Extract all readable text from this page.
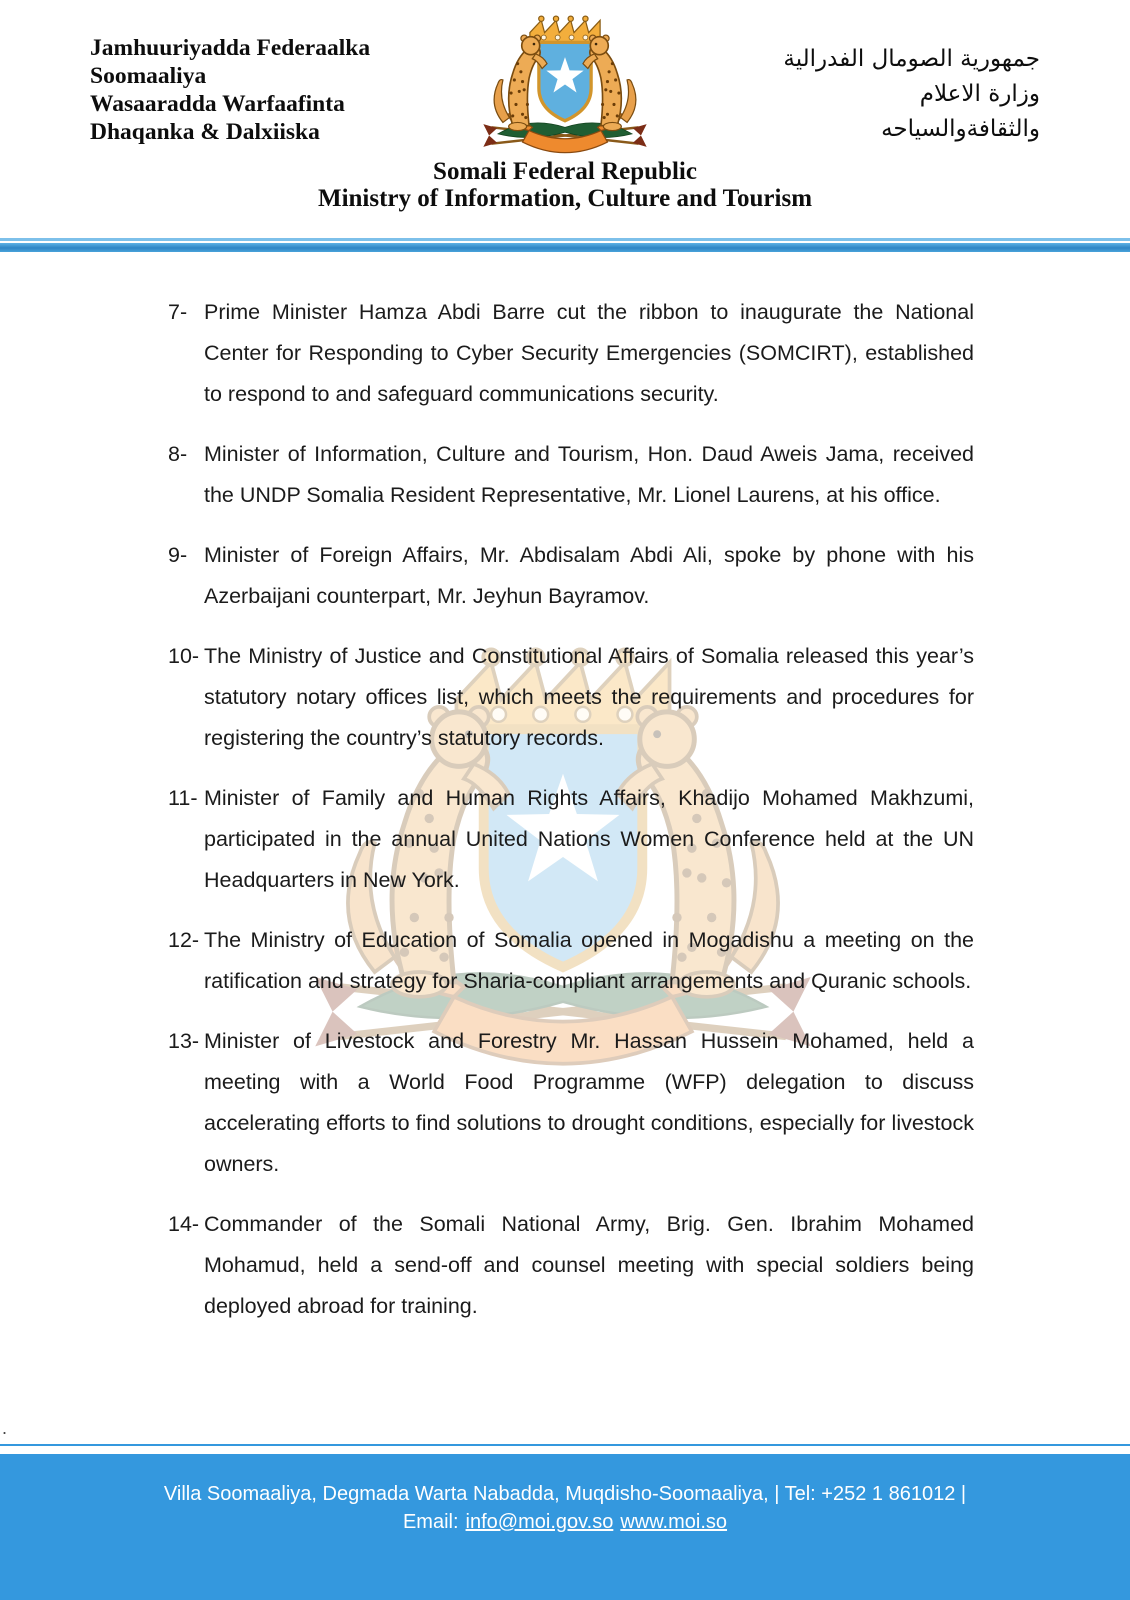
Jamhuuriyadda Federaalka
Soomaaliya
Wasaaradda Warfaafinta
Dhaqanka & Dalxiiska
جمهورية الصومال الفدرالية
وزارة الاعلام
والثقافةوالسياحه
Somali Federal Republic
Ministry of Information, Culture and Tourism
7- Prime Minister Hamza Abdi Barre cut the ribbon to inaugurate the National Center for Responding to Cyber Security Emergencies (SOMCIRT), established to respond to and safeguard communications security.
8- Minister of Information, Culture and Tourism, Hon. Daud Aweis Jama, received the UNDP Somalia Resident Representative, Mr. Lionel Laurens, at his office.
9- Minister of Foreign Affairs, Mr. Abdisalam Abdi Ali, spoke by phone with his Azerbaijani counterpart, Mr. Jeyhun Bayramov.
10- The Ministry of Justice and Constitutional Affairs of Somalia released this year’s statutory notary offices list, which meets the requirements and procedures for registering the country’s statutory records.
11- Minister of Family and Human Rights Affairs, Khadijo Mohamed Makhzumi, participated in the annual United Nations Women Conference held at the UN Headquarters in New York.
12- The Ministry of Education of Somalia opened in Mogadishu a meeting on the ratification and strategy for Sharia-compliant arrangements and Quranic schools.
13- Minister of Livestock and Forestry Mr. Hassan Hussein Mohamed, held a meeting with a World Food Programme (WFP) delegation to discuss accelerating efforts to find solutions to drought conditions, especially for livestock owners.
14- Commander of the Somali National Army, Brig. Gen. Ibrahim Mohamed Mohamud, held a send-off and counsel meeting with special soldiers being deployed abroad for training.
.
Villa Soomaaliya, Degmada Warta Nabadda, Muqdisho-Soomaaliya, | Tel: +252 1 861012 |
Email: info@moi.gov.so www.moi.so
